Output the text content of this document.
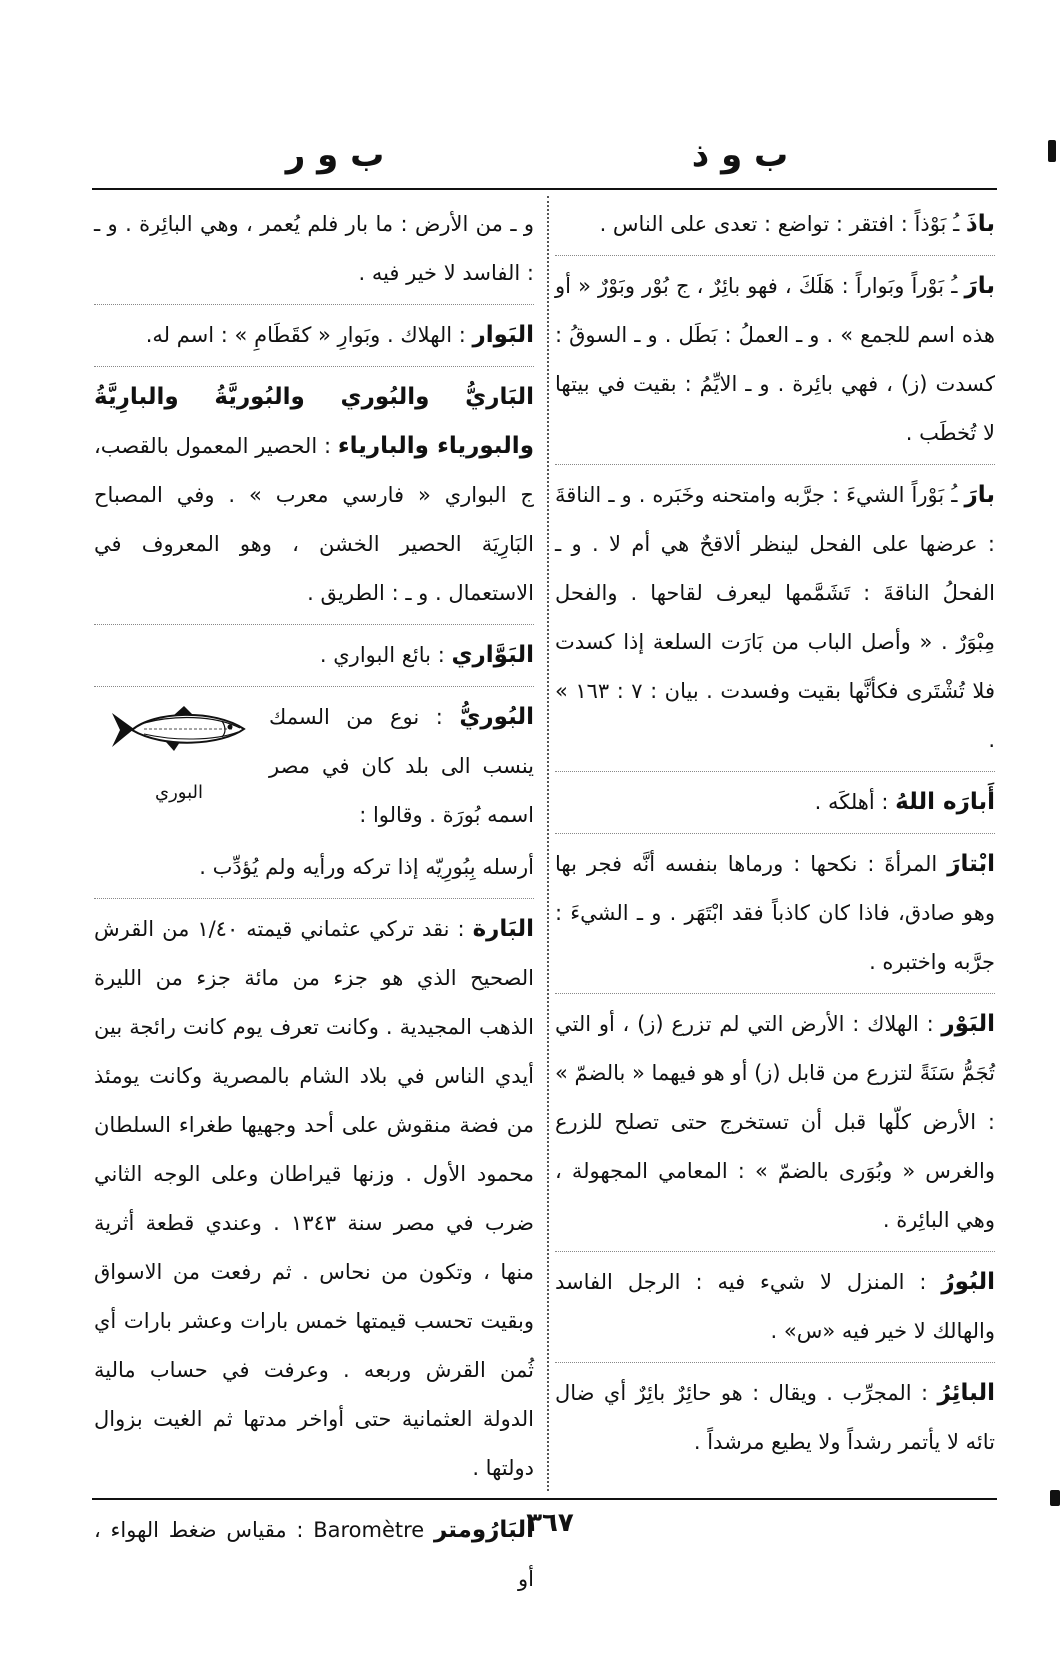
ب و ذ
ب و ر

باذَ ـُ بَوْذاً : افتقر : تواضع : تعدى على الناس .

بارَ ـُ بَوْراً وبَواراً : هَلَكَ ، فهو بائِرٌ ، ج بُوْر وبَوْرٌ « أو هذه اسم للجمع » . و ـ العملُ : بَطَل . و ـ السوقُ : كسدت (ز) ، فهي بائِرة . و ـ الايِّمُ : بقيت في بيتها لا تُخطَب .

بارَ ـُ بَوْراً الشيءَ : جرَّبه وامتحنه وخَبَره . و ـ الناقةَ : عرضها على الفحل لينظر ألاقحٌ هي أم لا . و ـ الفحلُ الناقةَ : تَشَمَّمها ليعرف لقاحها . والفحل مِبْوَرٌ . « وأصل الباب من بَارَت السلعة إذا كسدت فلا تُشْتَرى فكأنَّها بقيت وفسدت . بيان : ٧ : ١٦٣ » .

أَبارَه اللهُ : أهلكَه .

ابْتارَ المرأةَ : نكحها : ورماها بنفسه أنَّه فجر بها وهو صادق، فاذا كان كاذباً فقد ابْتَهَر . و ـ الشيءَ : جرَّبه واختبره .

البَوْر : الهلاك : الأرض التي لم تزرع (ز) ، أو التي تُجَمُّ سَنَةً لتزرع من قابل (ز) أو هو فيهما « بالضمّ » : الأرض كلّها قبل أن تستخرج حتى تصلح للزرع والغرس « وبُوَرى بالضمّ » : المعامي المجهولة ، وهي البائِرة .

البُورُ : المنزل لا شيء فيه : الرجل الفاسد والهالك لا خير فيه «س» .

البائِرُ : المجرِّب . ويقال : هو حائِرٌ بائِرٌ أي ضال تائه لا يأتمر رشداً ولا يطيع مرشداً .

و ـ من الأرض : ما بار فلم يُعمر ، وهي البائِرة . و ـ : الفاسد لا خير فيه .

البَوار : الهلاك . وبَوارِ « كقَطَامِ » : اسم له.

البَاريُّ والبُوري والبُوريَّةُ والبارِيَّةُ والبورياء والبارياء : الحصير المعمول بالقصب، ج البواري « فارسي معرب » . وفي المصباح البَارِيَة الحصير الخشن ، وهو المعروف في الاستعمال . و ـ : الطريق .

البَوَّاري : بائع البواري .

البُوريُّ : نوع من السمك ينسب الى بلد كان في مصر اسمه بُورَة . وقالوا :
البوري
أرسله بِبُورِيّه إذا تركه ورأيه ولم يُؤدِّب .

البَارة : نقد تركي عثماني قيمته ١/٤٠ من القرش الصحيح الذي هو جزء من مائة جزء من الليرة الذهب المجيدية . وكانت تعرف يوم كانت رائجة بين أيدي الناس في بلاد الشام بالمصرية وكانت يومئذ من فضة منقوش على أحد وجهيها طغراء السلطان محمود الأول . وزنها قيراطان وعلى الوجه الثاني ضرب في مصر سنة ١٣٤٣ . وعندي قطعة أثرية منها ، وتكون من نحاس . ثم رفعت من الاسواق وبقيت تحسب قيمتها خمس بارات وعشر بارات أي ثُمن القرش وربعه . وعرفت في حساب مالية الدولة العثمانية حتى أواخر مدتها ثم الغيت بزوال دولتها .

البَارُومتر Baromètre : مقياس ضغط الهواء ، أو

٣٦٧
